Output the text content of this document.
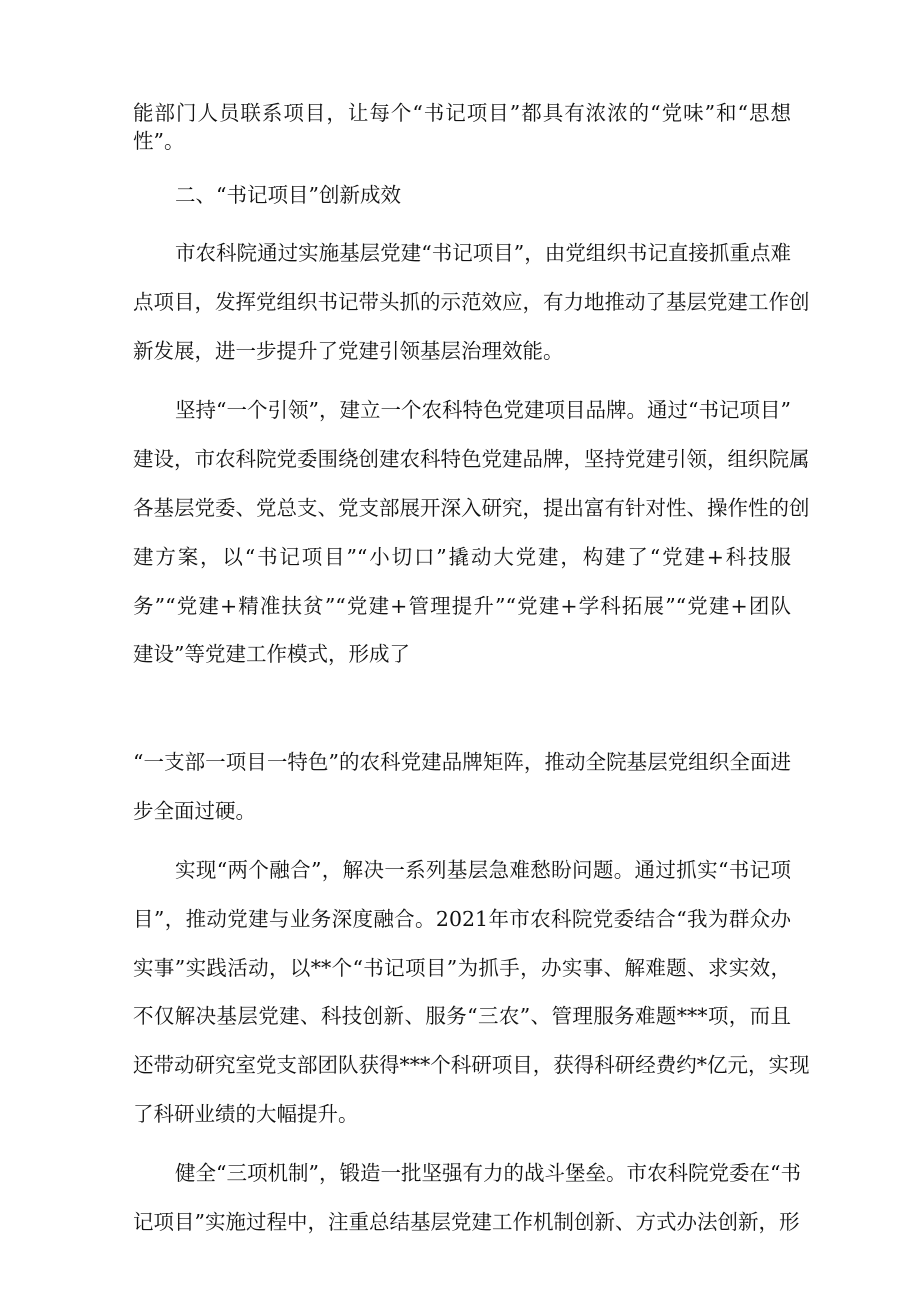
能部门人员联系项目，让每个“书记项目”都具有浓浓的“党味”和“思想
性”。
二、“书记项目”创新成效
市农科院通过实施基层党建“书记项目”，由党组织书记直接抓重点难
点项目，发挥党组织书记带头抓的示范效应，有力地推动了基层党建工作创
新发展，进一步提升了党建引领基层治理效能。
坚持“一个引领”，建立一个农科特色党建项目品牌。通过“书记项目”
建设，市农科院党委围绕创建农科特色党建品牌，坚持党建引领，组织院属
各基层党委、党总支、党支部展开深入研究，提出富有针对性、操作性的创
建方案，以“书记项目”“小切口”撬动大党建，构建了“党建+科技服
务”“党建+精准扶贫”“党建+管理提升”“党建+学科拓展”“党建+团队
建设”等党建工作模式，形成了
“一支部一项目一特色”的农科党建品牌矩阵，推动全院基层党组织全面进
步全面过硬。
实现“两个融合”，解决一系列基层急难愁盼问题。通过抓实“书记项
目”，推动党建与业务深度融合。2021年市农科院党委结合“我为群众办
实事”实践活动，以**个“书记项目”为抓手，办实事、解难题、求实效，
不仅解决基层党建、科技创新、服务“三农”、管理服务难题***项，而且
还带动研究室党支部团队获得***个科研项目，获得科研经费约*亿元，实现
了科研业绩的大幅提升。
健全“三项机制”，锻造一批坚强有力的战斗堡垒。市农科院党委在“书
记项目”实施过程中，注重总结基层党建工作机制创新、方式办法创新，形
